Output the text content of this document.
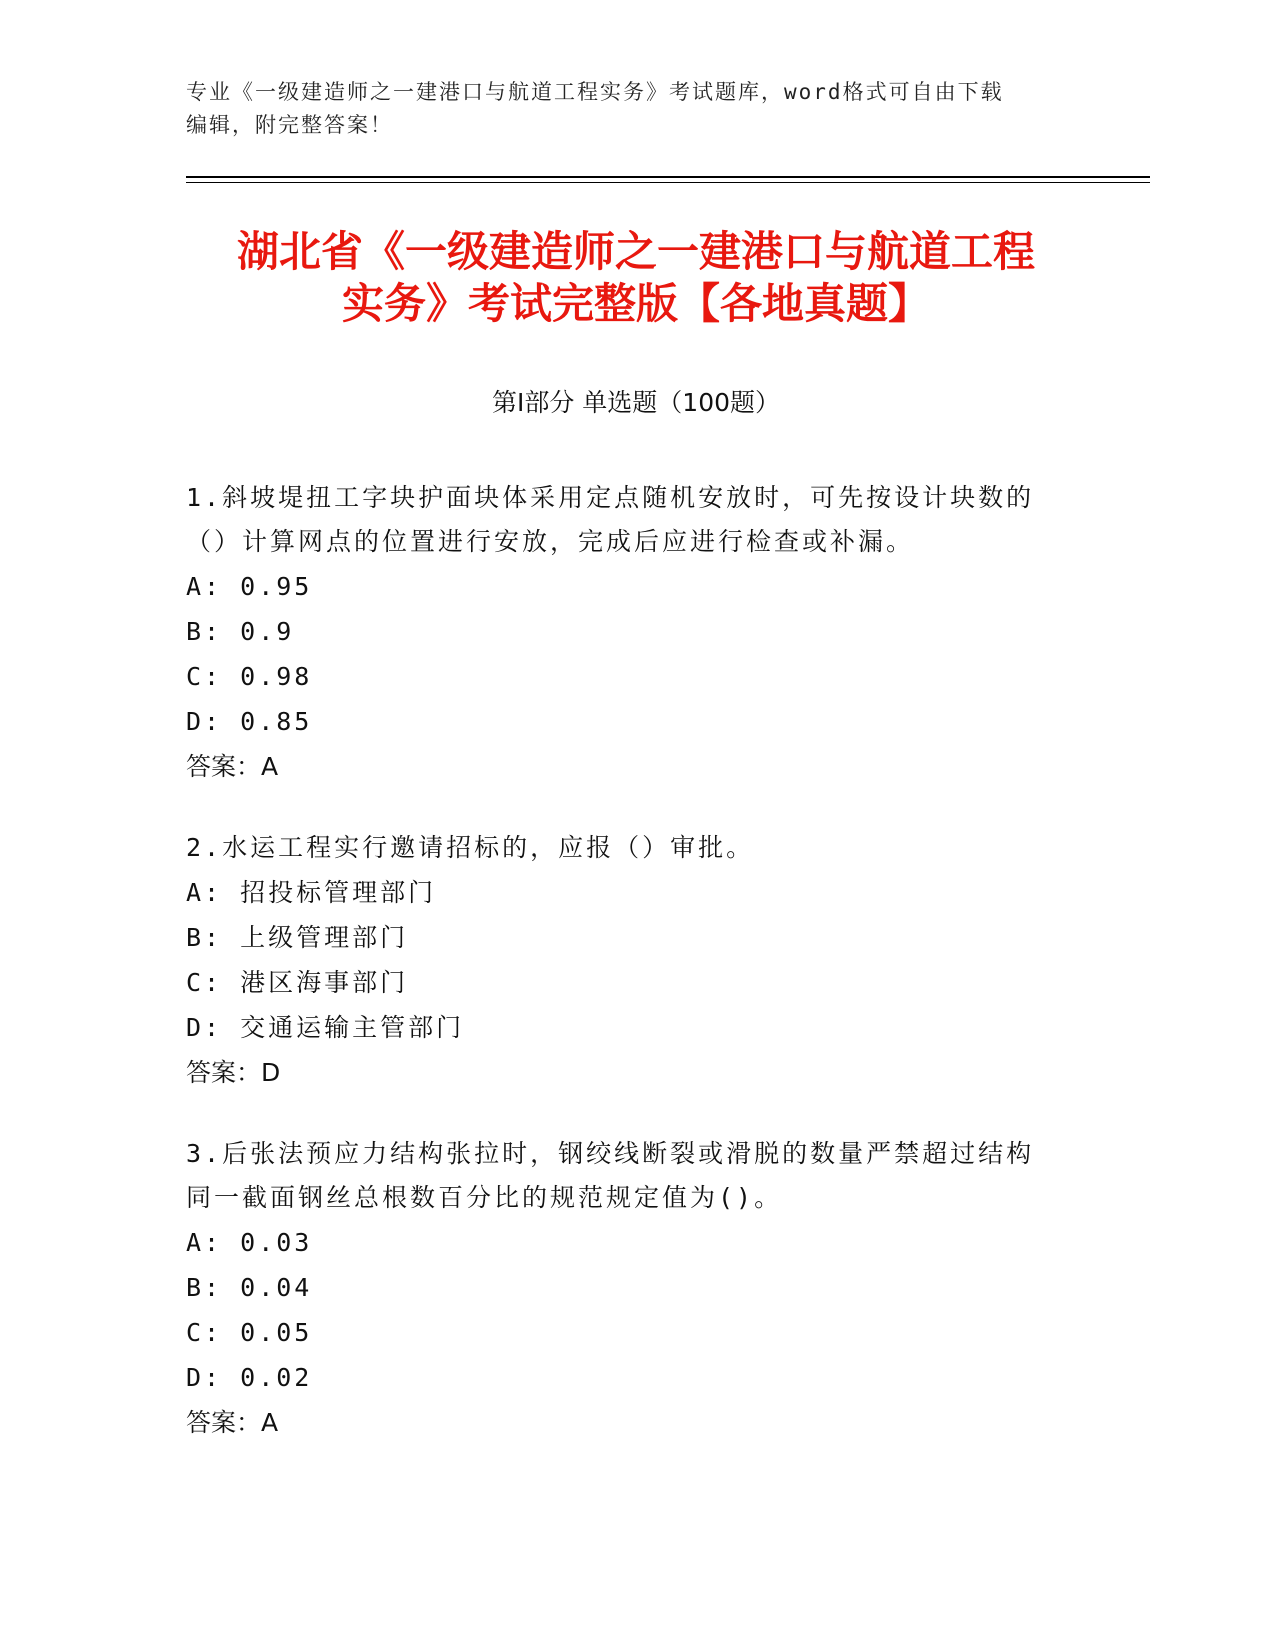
专业《一级建造师之一建港口与航道工程实务》考试题库，word格式可自由下载
编辑，附完整答案！
湖北省《一级建造师之一建港口与航道工程
实务》考试完整版【各地真题】
第Ⅰ部分 单选题（100题）
1.斜坡堤扭工字块护面块体采用定点随机安放时，可先按设计块数的
（）计算网点的位置进行安放，完成后应进行检查或补漏。
A: 0.95
B: 0.9
C: 0.98
D: 0.85
答案：A
2.水运工程实行邀请招标的，应报（）审批。
A: 招投标管理部门
B: 上级管理部门
C: 港区海事部门
D: 交通运输主管部门
答案：D
3.后张法预应力结构张拉时，钢绞线断裂或滑脱的数量严禁超过结构
同一截面钢丝总根数百分比的规范规定值为()。
A: 0.03
B: 0.04
C: 0.05
D: 0.02
答案：A
